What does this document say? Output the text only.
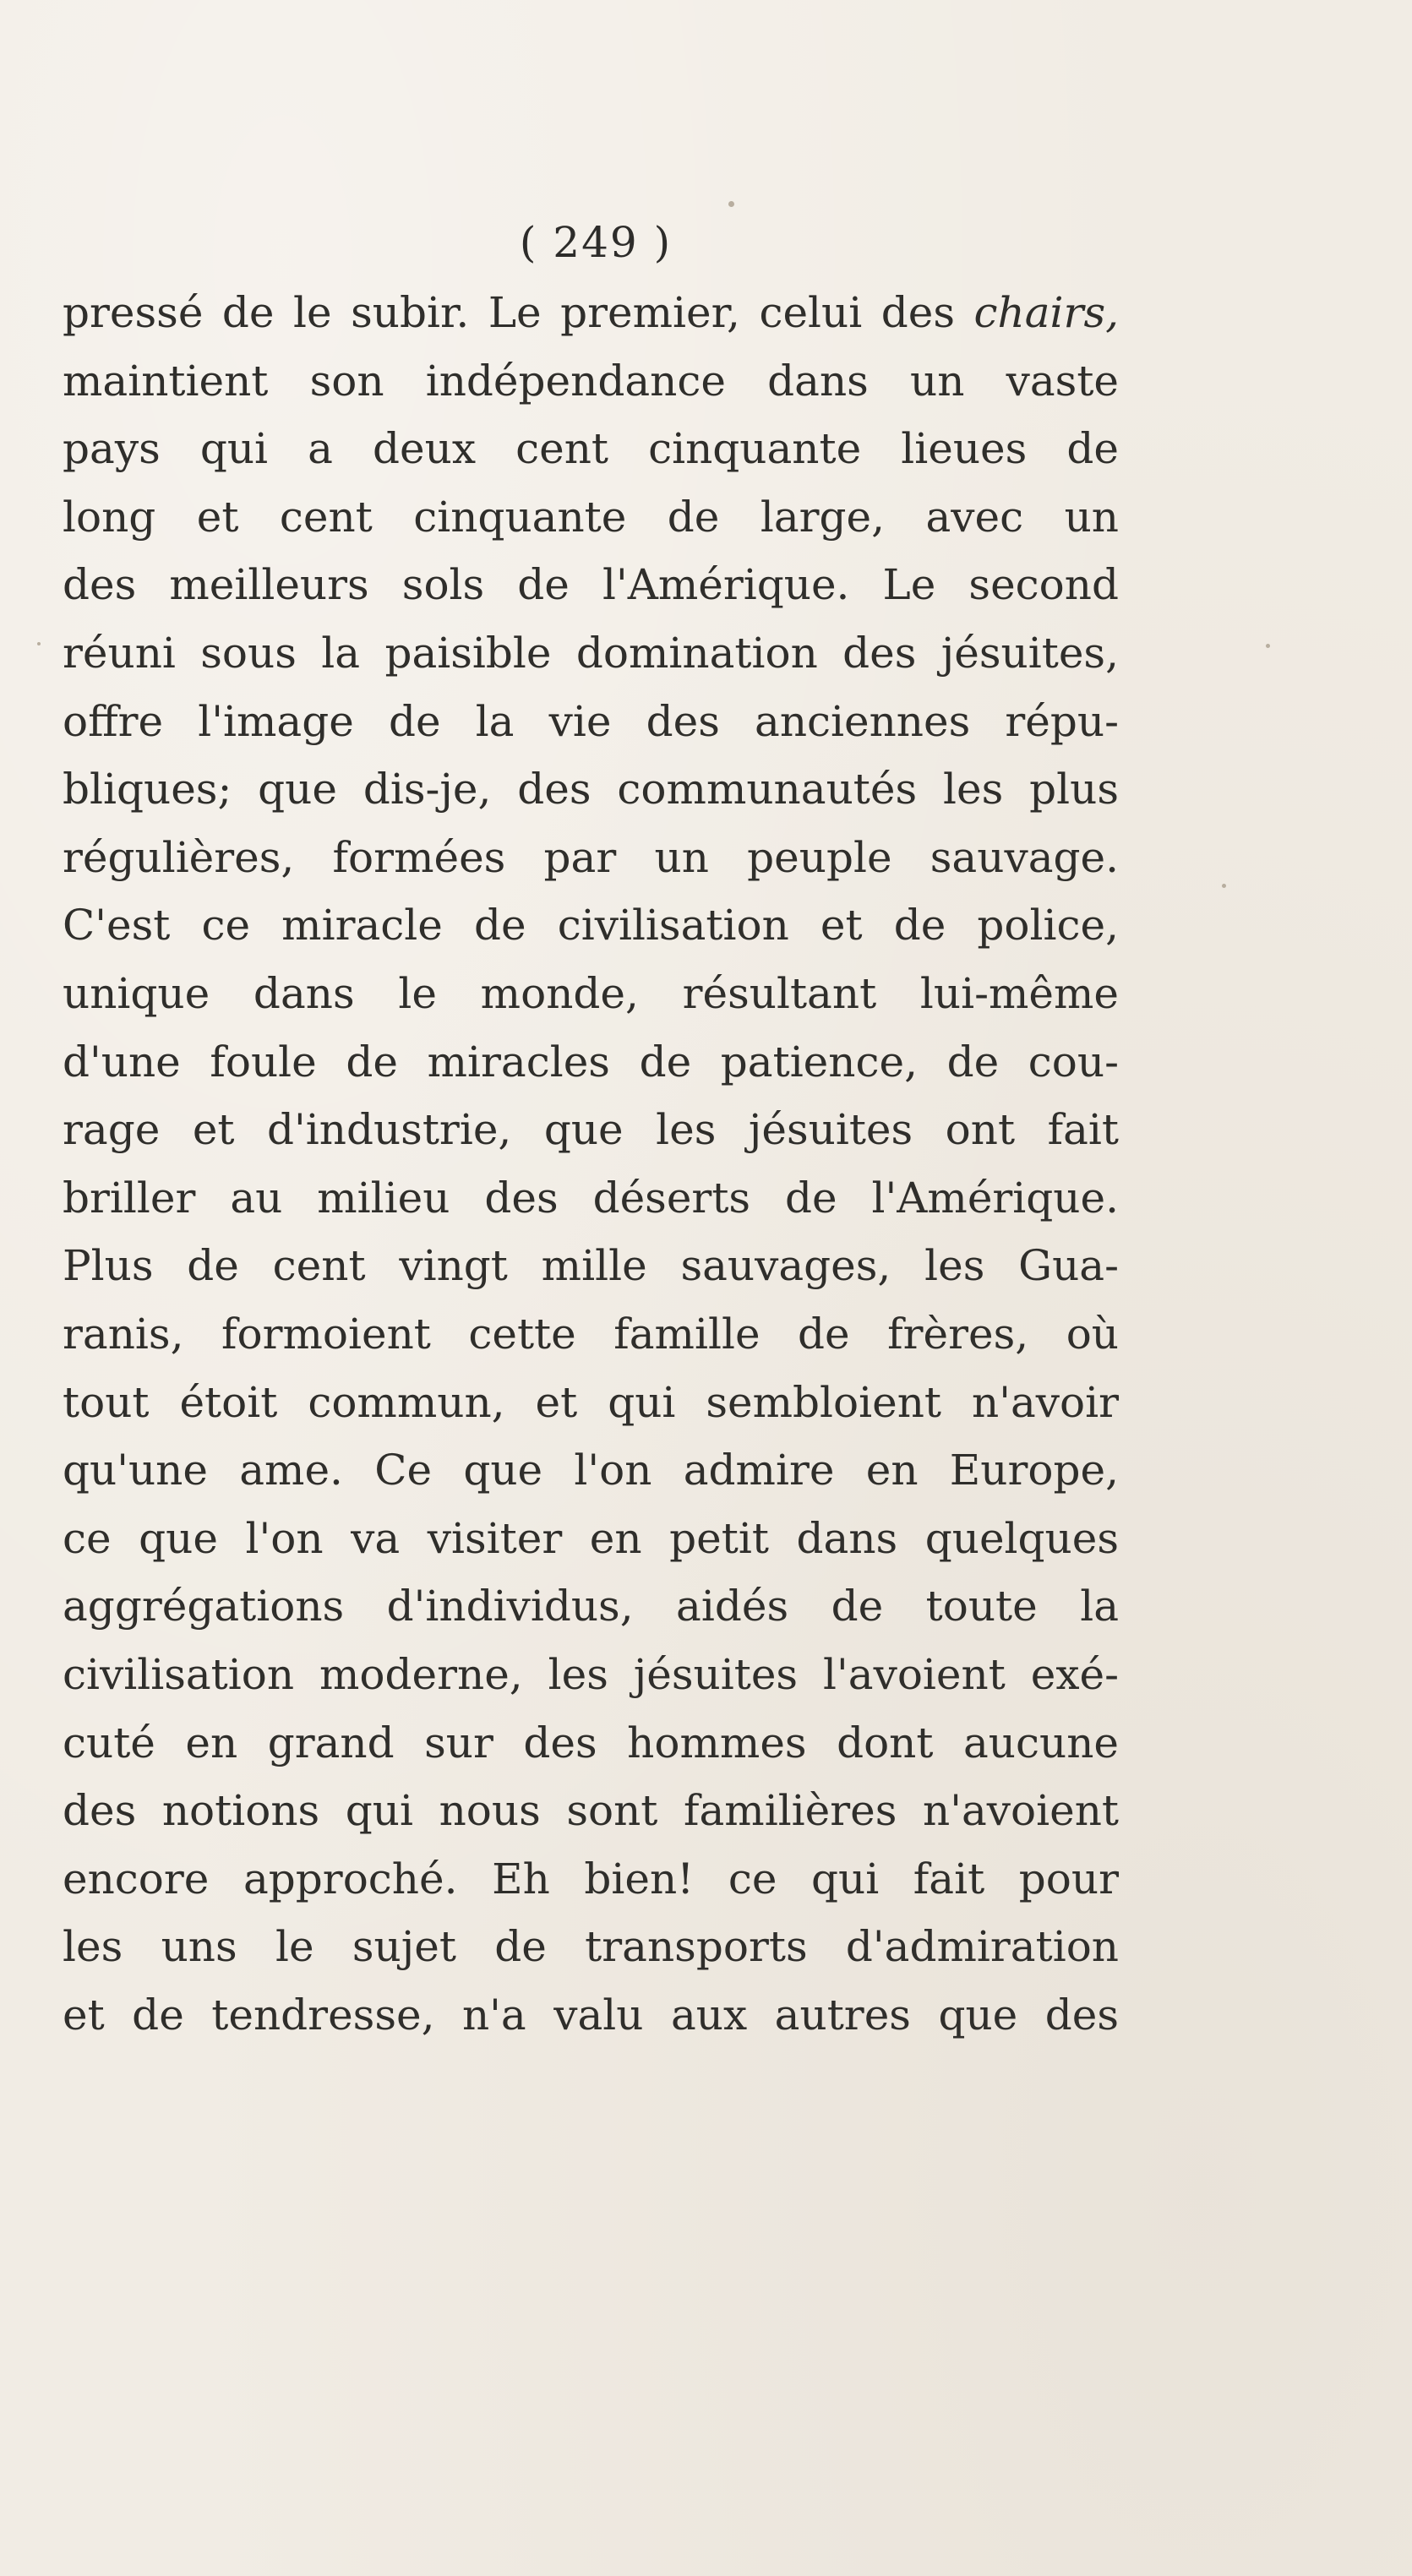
( 249 )
pressé de le subir. Le premier, celui des chairs,
maintient son indépendance dans un vaste
pays qui a deux cent cinquante lieues de
long et cent cinquante de large, avec un
des meilleurs sols de l'Amérique. Le second
réuni sous la paisible domination des jésuites,
offre l'image de la vie des anciennes répu-
bliques; que dis-je, des communautés les plus
régulières, formées par un peuple sauvage.
C'est ce miracle de civilisation et de police,
unique dans le monde, résultant lui-même
d'une foule de miracles de patience, de cou-
rage et d'industrie, que les jésuites ont fait
briller au milieu des déserts de l'Amérique.
Plus de cent vingt mille sauvages, les Gua-
ranis, formoient cette famille de frères, où
tout étoit commun, et qui sembloient n'avoir
qu'une ame. Ce que l'on admire en Europe,
ce que l'on va visiter en petit dans quelques
aggrégations d'individus, aidés de toute la
civilisation moderne, les jésuites l'avoient exé-
cuté en grand sur des hommes dont aucune
des notions qui nous sont familières n'avoient
encore approché. Eh bien! ce qui fait pour
les uns le sujet de transports d'admiration
et de tendresse, n'a valu aux autres que des
